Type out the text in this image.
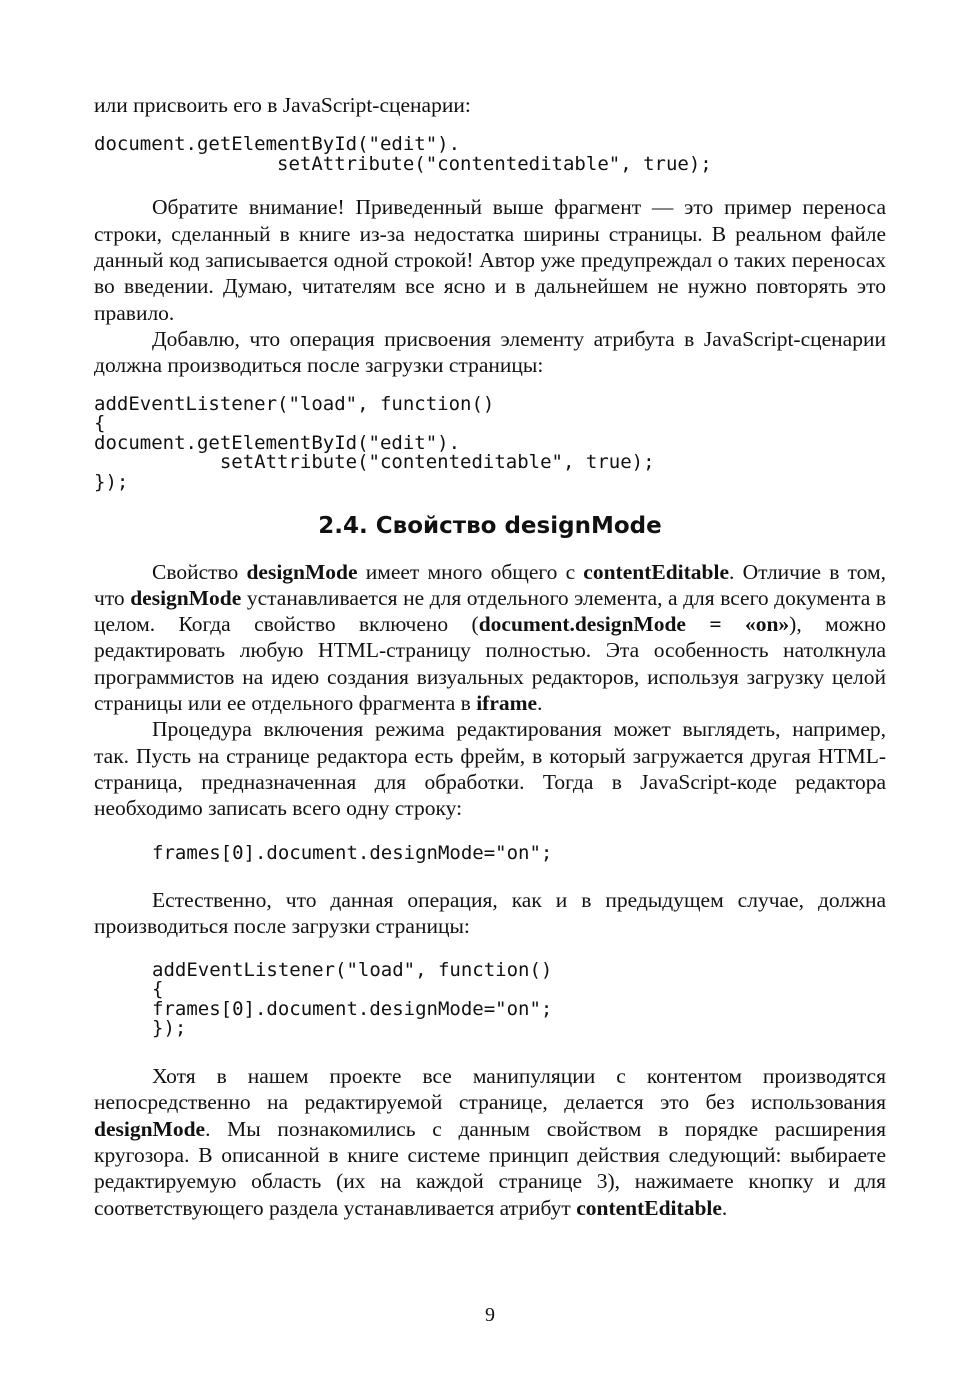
или присвоить его в JavaScript-сценарии:

document.getElementById("edit").
setAttribute("contenteditable", true);

Обратите внимание! Приведенный выше фрагмент — это пример переноса строки, сделанный в книге из-за недостатка ширины страницы. В реальном файле данный код записывается одной строкой! Автор уже предупреждал о таких переносах во введении. Думаю, читателям все ясно и в дальнейшем не нужно повторять это правило.

Добавлю, что операция присвоения элементу атрибута в JavaScript-сценарии должна производиться после загрузки страницы:

addEventListener("load", function()
{
document.getElementById("edit").
setAttribute("contenteditable", true);
});
2.4. Свойство designMode

Свойство designMode имеет много общего с contentEditable. Отличие в том, что designMode устанавливается не для отдельного элемента, а для всего документа в целом. Когда свойство включено (document.designMode = «on»), можно редактировать любую HTML-страницу полностью. Эта особенность натолкнула программистов на идею создания визуальных редакторов, используя загрузку целой страницы или ее отдельного фрагмента в iframe.

Процедура включения режима редактирования может выглядеть, например, так. Пусть на странице редактора есть фрейм, в который загружается другая HTML-страница, предназначенная для обработки. Тогда в JavaScript-коде редактора необходимо записать всего одну строку:

frames[0].document.designMode="on";

Естественно, что данная операция, как и в предыдущем случае, должна производиться после загрузки страницы:

addEventListener("load", function()
{
frames[0].document.designMode="on";
});

Хотя в нашем проекте все манипуляции с контентом производятся непосредственно на редактируемой странице, делается это без использования designMode. Мы познакомились с данным свойством в порядке расширения кругозора. В описанной в книге системе принцип действия следующий: выбираете редактируемую область (их на каждой странице 3), нажимаете кнопку и для соответствующего раздела устанавливается атрибут contentEditable.

9
